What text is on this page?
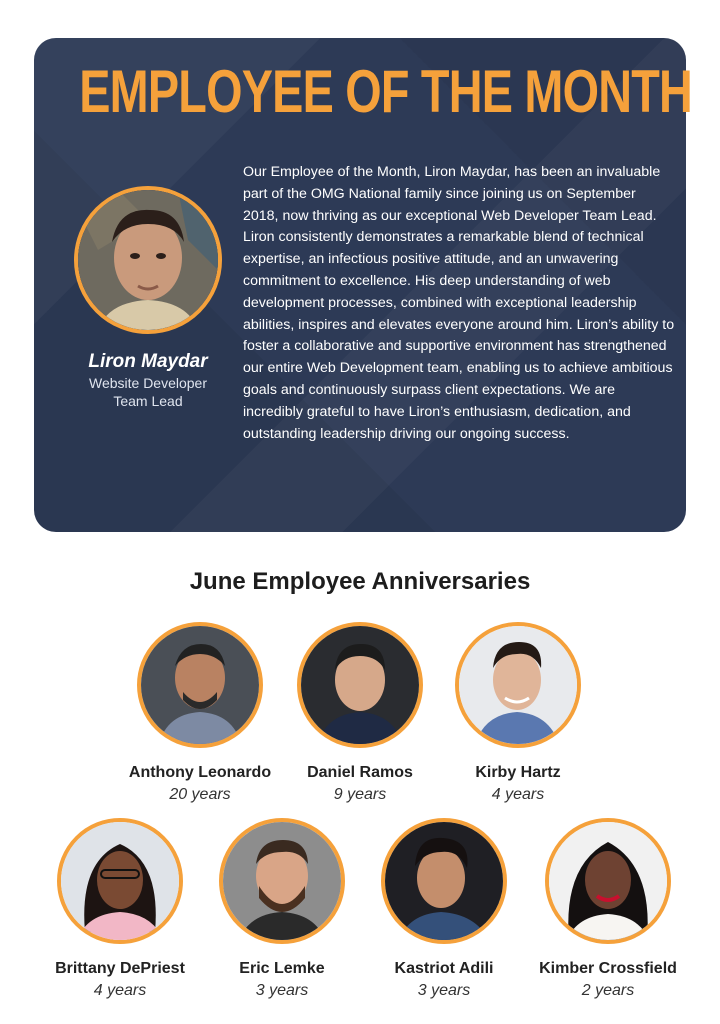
EMPLOYEE OF THE MONTH
Liron Maydar
Website Developer
Team Lead
Our Employee of the Month, Liron Maydar, has been an invaluable part of the OMG National family since joining us on September 2018, now thriving as our exceptional Web Developer Team Lead. Liron consistently demonstrates a remarkable blend of technical expertise, an infectious positive attitude, and an unwavering commitment to excellence. His deep understanding of web development processes, combined with exceptional leadership abilities, inspires and elevates everyone around him. Liron’s ability to foster a collaborative and supportive environment has strengthened our entire Web Development team, enabling us to achieve ambitious goals and continuously surpass client expectations. We are incredibly grateful to have Liron’s enthusiasm, dedication, and outstanding leadership driving our ongoing success.
June Employee Anniversaries
Anthony Leonardo
20 years
Daniel Ramos
9 years
Kirby Hartz
4 years
Brittany DePriest
4 years
Eric Lemke
3 years
Kastriot Adili
3 years
Kimber Crossfield
2 years
